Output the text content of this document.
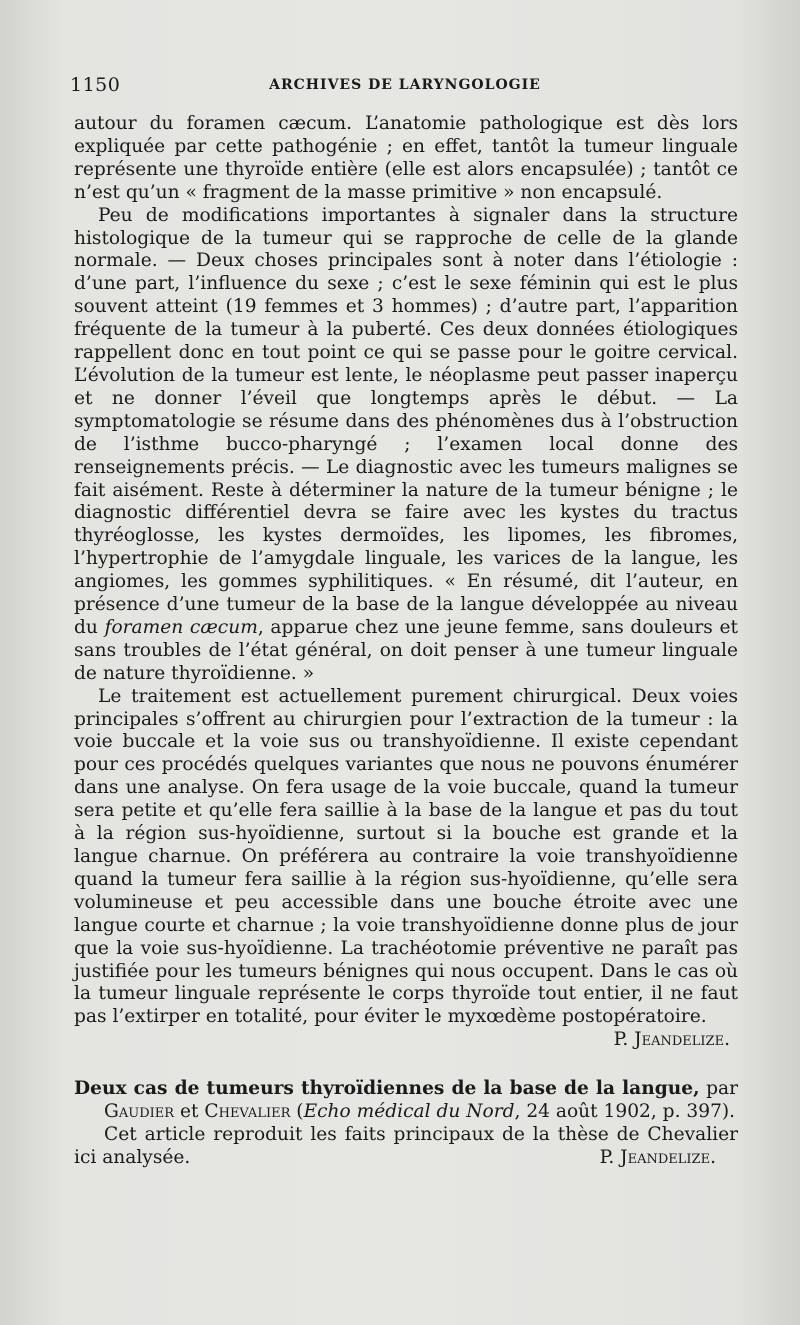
1150	ARCHIVES DE LARYNGOLOGIE

autour du foramen cæcum. L’anatomie pathologique est dès lors expliquée par cette pathogénie ; en effet, tantôt la tumeur linguale représente une thyroïde entière (elle est alors encapsulée) ; tantôt ce n’est qu’un « fragment de la masse primitive » non encapsulé.

Peu de modifications importantes à signaler dans la structure histologique de la tumeur qui se rapproche de celle de la glande normale. — Deux choses principales sont à noter dans l’étiologie : d’une part, l’influence du sexe ; c’est le sexe féminin qui est le plus souvent atteint (19 femmes et 3 hommes) ; d’autre part, l’apparition fréquente de la tumeur à la puberté. Ces deux données étiologiques rappellent donc en tout point ce qui se passe pour le goitre cervical. L’évolution de la tumeur est lente, le néoplasme peut passer inaperçu et ne donner l’éveil que longtemps après le début. — La symptomatologie se résume dans des phénomènes dus à l’obstruction de l’isthme bucco-pharyngé ; l’examen local donne des renseignements précis. — Le diagnostic avec les tumeurs malignes se fait aisément. Reste à déterminer la nature de la tumeur bénigne ; le diagnostic différentiel devra se faire avec les kystes du tractus thyréoglosse, les kystes dermoïdes, les lipomes, les fibromes, l’hypertrophie de l’amygdale linguale, les varices de la langue, les angiomes, les gommes syphilitiques. « En résumé, dit l’auteur, en présence d’une tumeur de la base de la langue développée au niveau du foramen cæcum, apparue chez une jeune femme, sans douleurs et sans troubles de l’état général, on doit penser à une tumeur linguale de nature thyroïdienne. »

Le traitement est actuellement purement chirurgical. Deux voies principales s’offrent au chirurgien pour l’extraction de la tumeur : la voie buccale et la voie sus ou transhyoïdienne. Il existe cependant pour ces procédés quelques variantes que nous ne pouvons énumérer dans une analyse. On fera usage de la voie buccale, quand la tumeur sera petite et qu’elle fera saillie à la base de la langue et pas du tout à la région sus-hyoïdienne, surtout si la bouche est grande et la langue charnue. On préférera au contraire la voie transhyoïdienne quand la tumeur fera saillie à la région sus-hyoïdienne, qu’elle sera volumineuse et peu accessible dans une bouche étroite avec une langue courte et charnue ; la voie transhyoïdienne donne plus de jour que la voie sus-hyoïdienne. La trachéotomie préventive ne paraît pas justifiée pour les tumeurs bénignes qui nous occupent. Dans le cas où la tumeur linguale représente le corps thyroïde tout entier, il ne faut pas l’extirper en totalité, pour éviter le myxœdème postopératoire.

P. Jeandelize.

Deux cas de tumeurs thyroïdiennes de la base de la langue, par Gaudier et Chevalier (Echo médical du Nord, 24 août 1902, p. 397).

Cet article reproduit les faits principaux de la thèse de Chevalier ici analysée.	P. Jeandelize.
